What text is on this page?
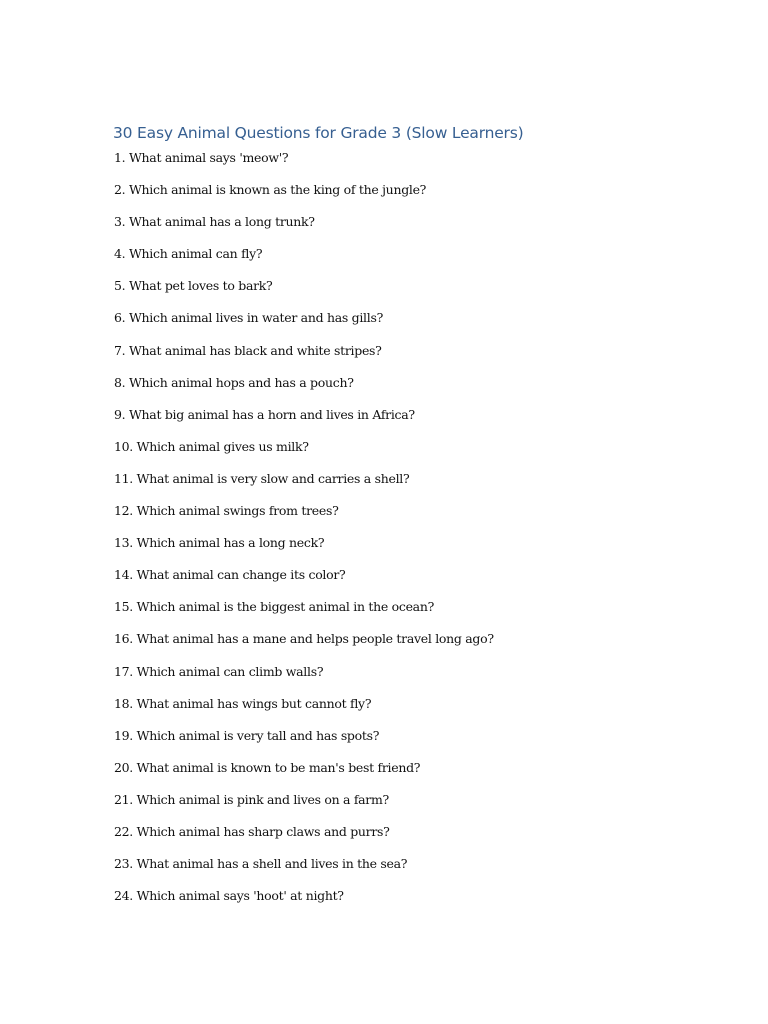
30 Easy Animal Questions for Grade 3 (Slow Learners)
1. What animal says 'meow'?
2. Which animal is known as the king of the jungle?
3. What animal has a long trunk?
4. Which animal can fly?
5. What pet loves to bark?
6. Which animal lives in water and has gills?
7. What animal has black and white stripes?
8. Which animal hops and has a pouch?
9. What big animal has a horn and lives in Africa?
10. Which animal gives us milk?
11. What animal is very slow and carries a shell?
12. Which animal swings from trees?
13. Which animal has a long neck?
14. What animal can change its color?
15. Which animal is the biggest animal in the ocean?
16. What animal has a mane and helps people travel long ago?
17. Which animal can climb walls?
18. What animal has wings but cannot fly?
19. Which animal is very tall and has spots?
20. What animal is known to be man's best friend?
21. Which animal is pink and lives on a farm?
22. Which animal has sharp claws and purrs?
23. What animal has a shell and lives in the sea?
24. Which animal says 'hoot' at night?
